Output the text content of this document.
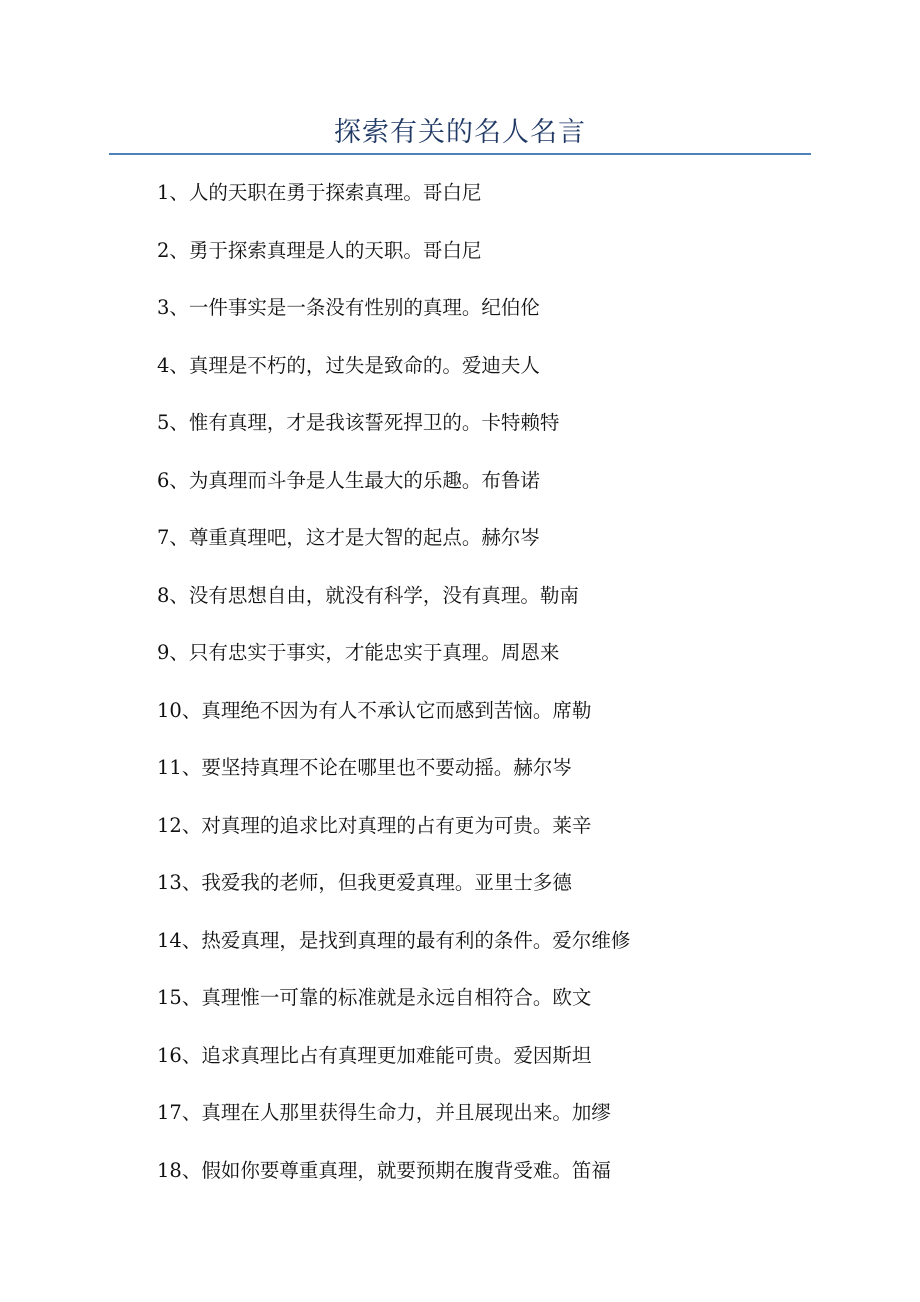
探索有关的名人名言
1、人的天职在勇于探索真理。哥白尼
2、勇于探索真理是人的天职。哥白尼
3、一件事实是一条没有性别的真理。纪伯伦
4、真理是不朽的，过失是致命的。爱迪夫人
5、惟有真理，才是我该誓死捍卫的。卡特赖特
6、为真理而斗争是人生最大的乐趣。布鲁诺
7、尊重真理吧，这才是大智的起点。赫尔岑
8、没有思想自由，就没有科学，没有真理。勒南
9、只有忠实于事实，才能忠实于真理。周恩来
10、真理绝不因为有人不承认它而感到苦恼。席勒
11、要坚持真理不论在哪里也不要动摇。赫尔岑
12、对真理的追求比对真理的占有更为可贵。莱辛
13、我爱我的老师，但我更爱真理。亚里士多德
14、热爱真理，是找到真理的最有利的条件。爱尔维修
15、真理惟一可靠的标准就是永远自相符合。欧文
16、追求真理比占有真理更加难能可贵。爱因斯坦
17、真理在人那里获得生命力，并且展现出来。加缪
18、假如你要尊重真理，就要预期在腹背受难。笛福
